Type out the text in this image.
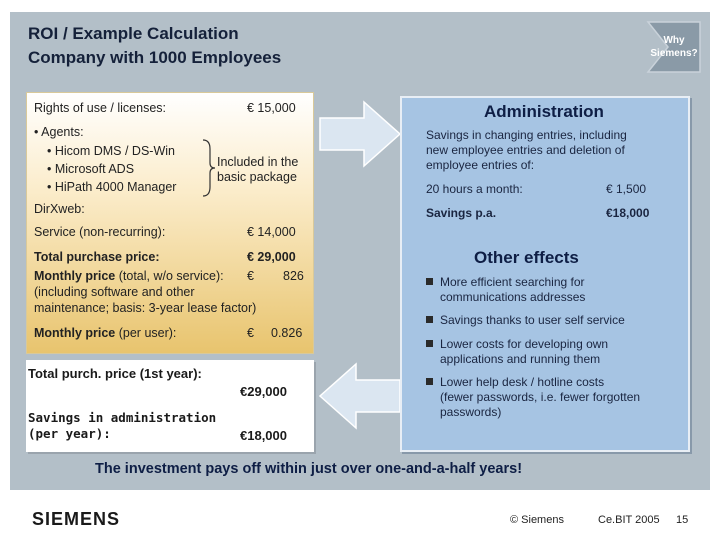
ROI / Example Calculation
Company with 1000 Employees
Why
Siemens?
Rights of use / licenses:	€ 15,000
• Agents:
• Hicom DMS / DS-Win
• Microsoft ADS
• HiPath 4000 Manager
Included in the
basic package
DirXweb:
Service (non-recurring):	€ 14,000
Total purchase price:	€ 29,000
Monthly price (total, w/o service): € 826
(including software and other
maintenance; basis: 3-year lease factor)
Monthly price (per user):	€ 0.826
Total purch. price (1st year):
€29,000
Savings in administration
(per year):	€18,000
Administration
Savings in changing entries, including
new employee entries and deletion of
employee entries of:
20 hours a month:	€ 1,500
Savings p.a.	€18,000
Other effects
More efficient searching for
communications addresses
Savings thanks to user self service
Lower costs for developing own
applications and running them
Lower help desk / hotline costs
(fewer passwords, i.e. fewer forgotten
passwords)
The investment pays off within just over one-and-a-half years!
SIEMENS	© Siemens	Ce.BIT 2005 15
